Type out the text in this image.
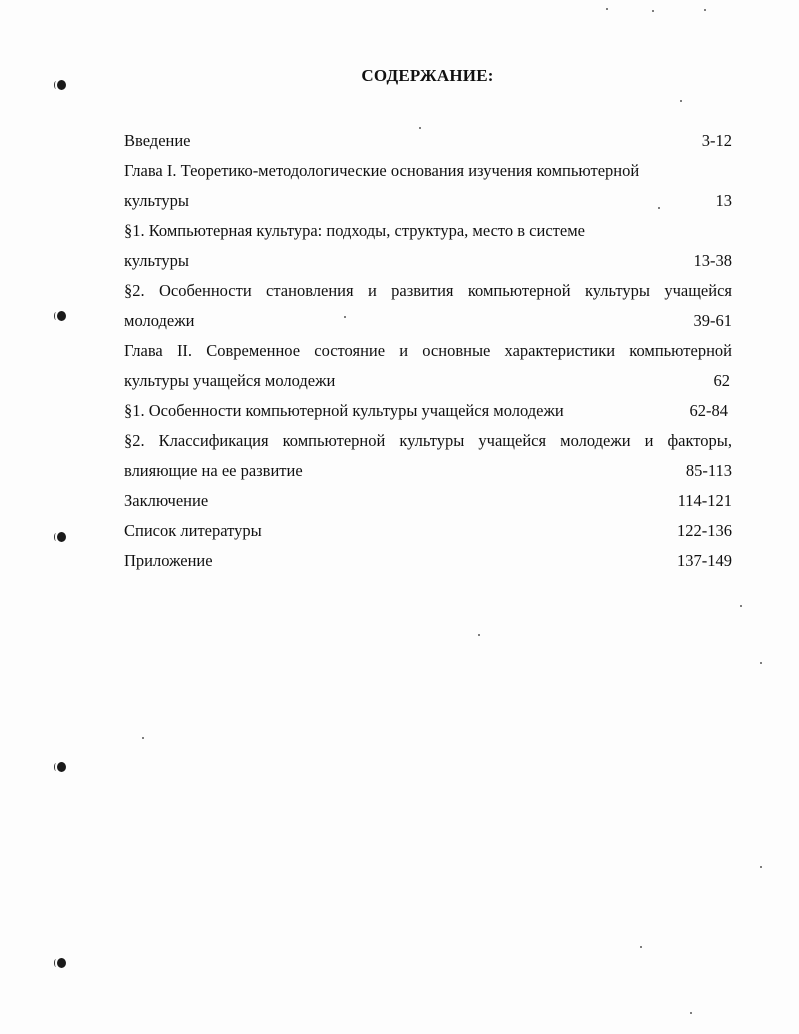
СОДЕРЖАНИЕ:
Введение	3-12
Глава I. Теоретико-методологические основания изучения компьютерной
культуры	13
§1. Компьютерная культура: подходы, структура, место в системе
культуры	13-38
§2. Особенности становления и развития компьютерной культуры учащейся
молодежи	39-61
Глава II. Современное состояние и основные характеристики компьютерной
культуры учащейся молодежи	62
§1. Особенности компьютерной культуры учащейся молодежи	62-84
§2. Классификация компьютерной культуры учащейся молодежи и факторы,
влияющие на ее развитие	85-113
Заключение	114-121
Список литературы	122-136
Приложение	137-149
